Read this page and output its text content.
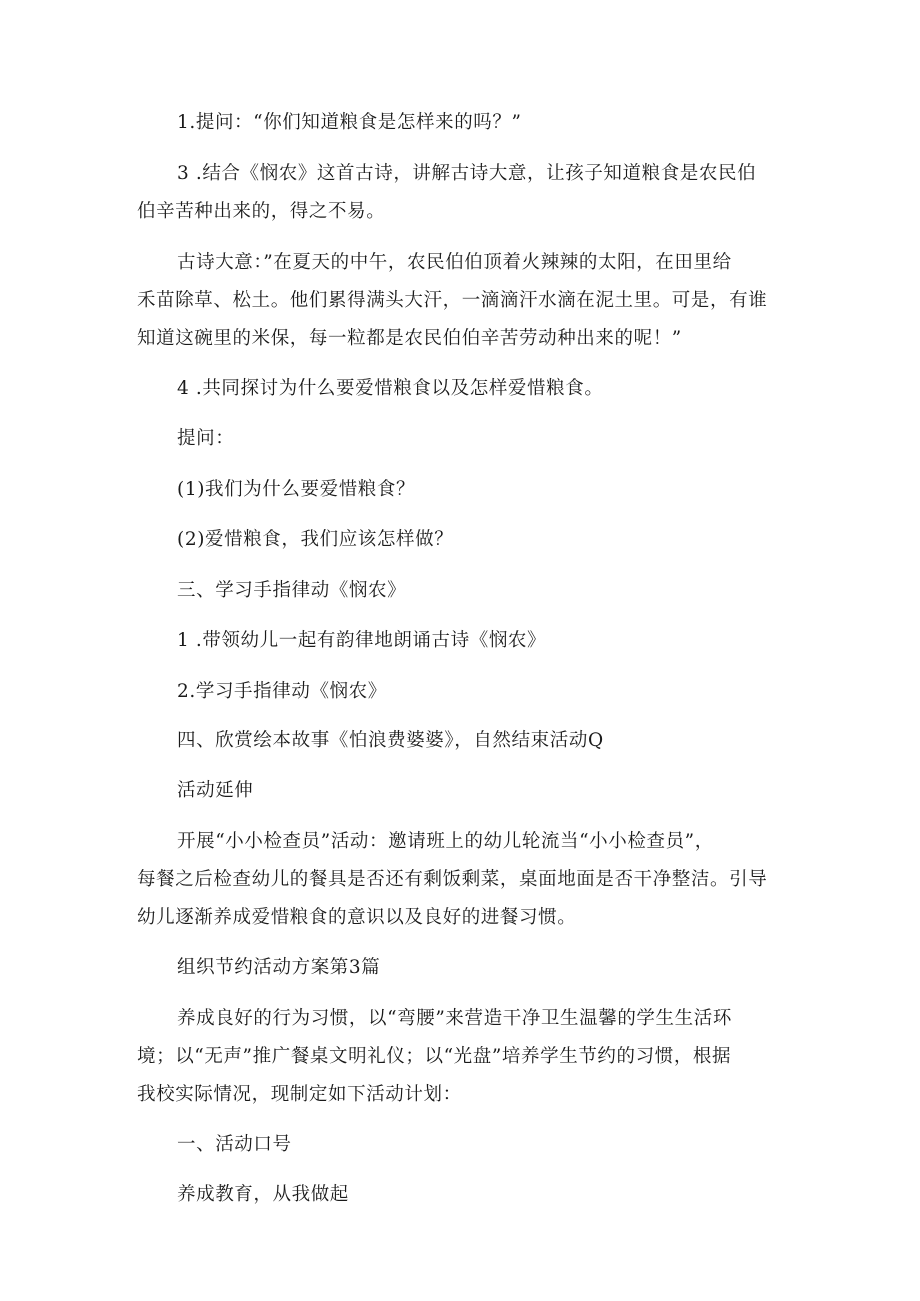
1.提问：“你们知道粮食是怎样来的吗？”
3 .结合《悯农》这首古诗，讲解古诗大意，让孩子知道粮食是农民伯
伯辛苦种出来的，得之不易。
古诗大意：”在夏天的中午，农民伯伯顶着火辣辣的太阳，在田里给
禾苗除草、松土。他们累得满头大汗，一滴滴汗水滴在泥土里。可是，有谁
知道这碗里的米保，每一粒都是农民伯伯辛苦劳动种出来的呢！”
4 .共同探讨为什么要爱惜粮食以及怎样爱惜粮食。
提问：
(1)我们为什么要爱惜粮食？
(2)爱惜粮食，我们应该怎样做？
三、学习手指律动《悯农》
1 .带领幼儿一起有韵律地朗诵古诗《悯农》
2.学习手指律动《悯农》
四、欣赏绘本故事《怕浪费婆婆》，自然结束活动Q
活动延伸
开展“小小检查员”活动：邀请班上的幼儿轮流当“小小检查员”，
每餐之后检查幼儿的餐具是否还有剩饭剩菜，桌面地面是否干净整洁。引导
幼儿逐渐养成爱惜粮食的意识以及良好的进餐习惯。
组织节约活动方案第3篇
养成良好的行为习惯，以“弯腰”来营造干净卫生温馨的学生生活环
境；以“无声”推广餐桌文明礼仪；以“光盘”培养学生节约的习惯，根据
我校实际情况，现制定如下活动计划：
一、活动口号
养成教育，从我做起
